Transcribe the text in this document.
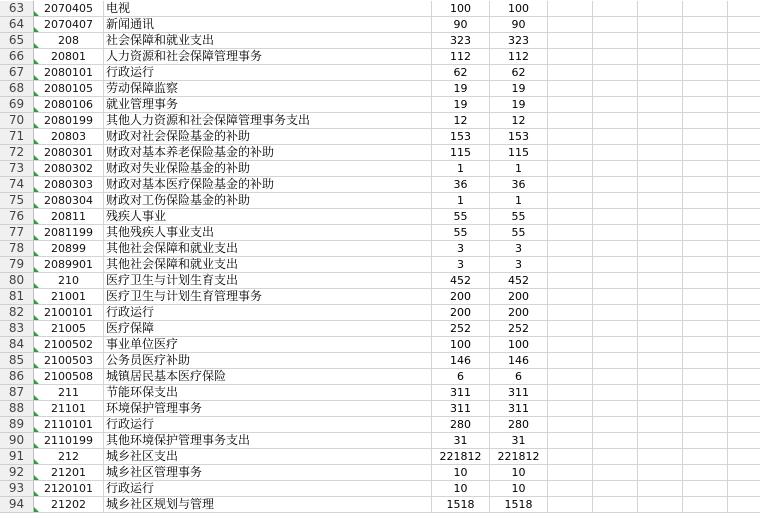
63	2070405	电视	100	100
64	2070407	新闻通讯	90	90
65	208	社会保障和就业支出	323	323
66	20801	人力资源和社会保障管理事务	112	112
67	2080101	行政运行	62	62
68	2080105	劳动保障监察	19	19
69	2080106	就业管理事务	19	19
70	2080199	其他人力资源和社会保障管理事务支出	12	12
71	20803	财政对社会保险基金的补助	153	153
72	2080301	财政对基本养老保险基金的补助	115	115
73	2080302	财政对失业保险基金的补助	1	1
74	2080303	财政对基本医疗保险基金的补助	36	36
75	2080304	财政对工伤保险基金的补助	1	1
76	20811	残疾人事业	55	55
77	2081199	其他残疾人事业支出	55	55
78	20899	其他社会保障和就业支出	3	3
79	2089901	其他社会保障和就业支出	3	3
80	210	医疗卫生与计划生育支出	452	452
81	21001	医疗卫生与计划生育管理事务	200	200
82	2100101	行政运行	200	200
83	21005	医疗保障	252	252
84	2100502	事业单位医疗	100	100
85	2100503	公务员医疗补助	146	146
86	2100508	城镇居民基本医疗保险	6	6
87	211	节能环保支出	311	311
88	21101	环境保护管理事务	311	311
89	2110101	行政运行	280	280
90	2110199	其他环境保护管理事务支出	31	31
91	212	城乡社区支出	221812	221812
92	21201	城乡社区管理事务	10	10
93	2120101	行政运行	10	10
94	21202	城乡社区规划与管理	1518	1518
